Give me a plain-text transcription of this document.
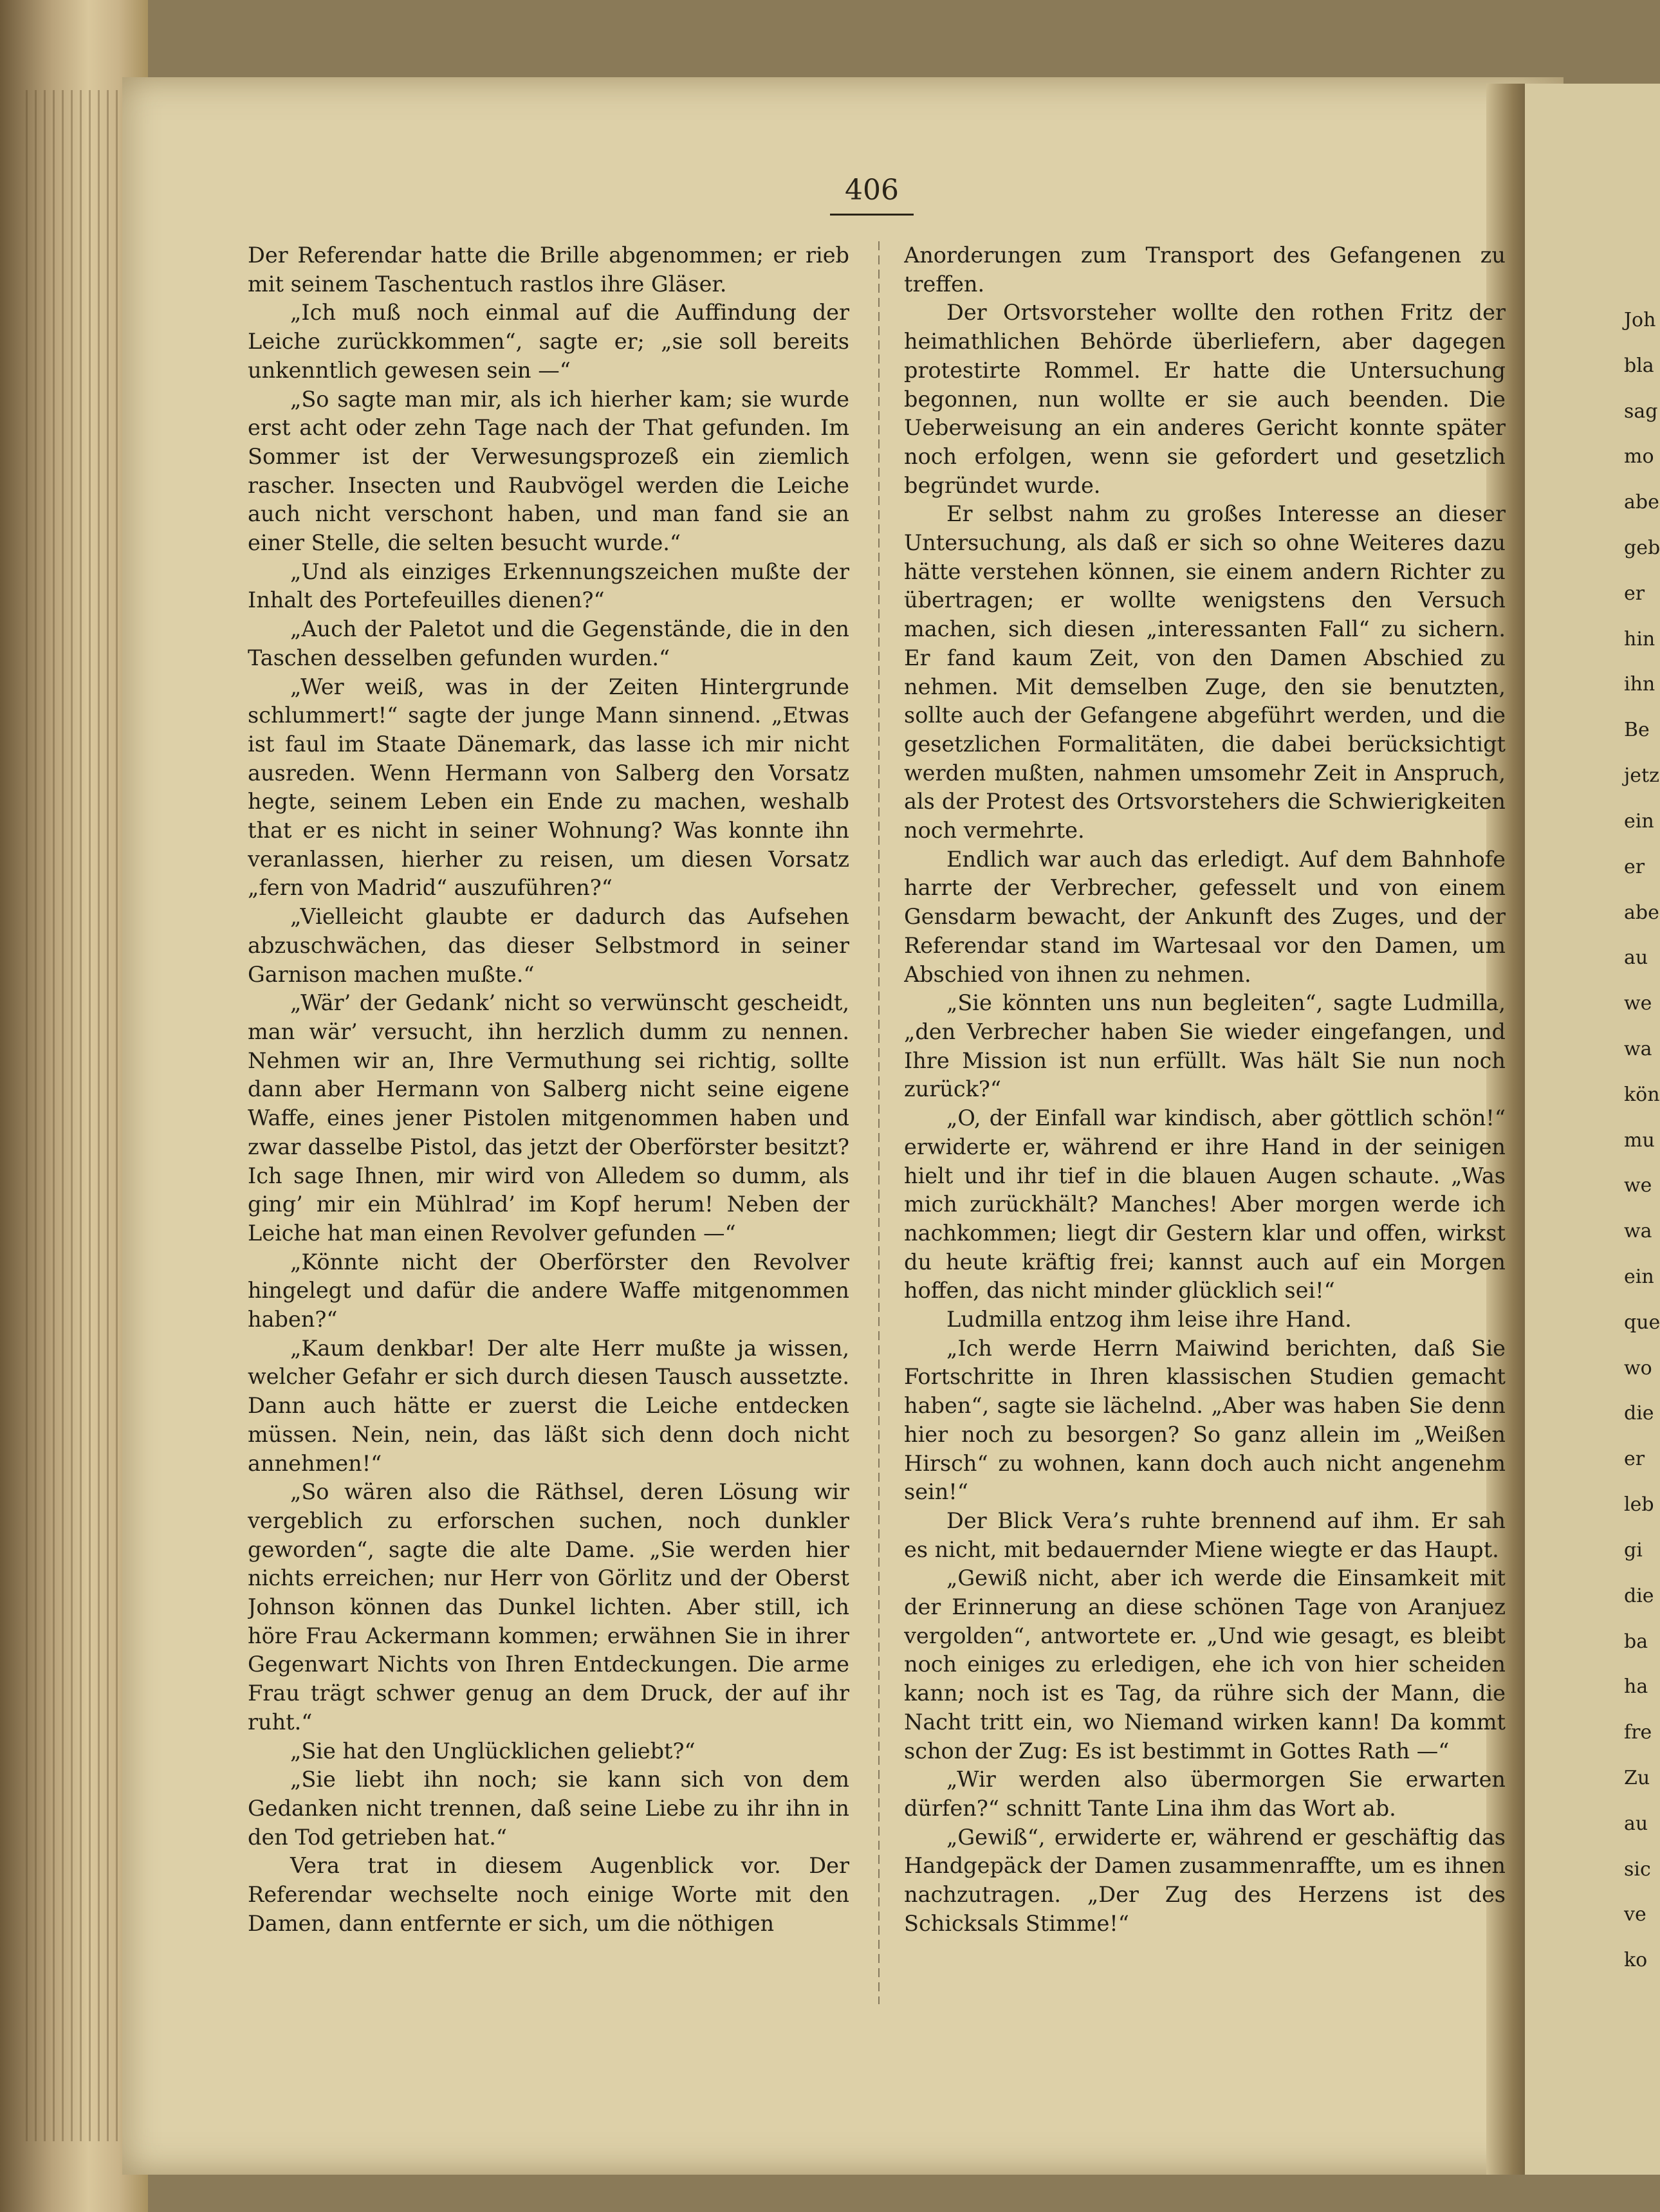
406

Der Referendar hatte die Brille abgenommen; er rieb mit seinem Taschentuch rastlos ihre Gläser.

„Ich muß noch einmal auf die Auffindung der Leiche zurückkommen“, sagte er; „sie soll bereits unkenntlich gewesen sein —“

„So sagte man mir, als ich hierher kam; sie wurde erst acht oder zehn Tage nach der That gefunden. Im Sommer ist der Verwesungsprozeß ein ziemlich rascher. Insecten und Raubvögel werden die Leiche auch nicht verschont haben, und man fand sie an einer Stelle, die selten besucht wurde.“

„Und als einziges Erkennungszeichen mußte der Inhalt des Portefeuilles dienen?“

„Auch der Paletot und die Gegenstände, die in den Taschen desselben gefunden wurden.“

„Wer weiß, was in der Zeiten Hintergrunde schlummert!“ sagte der junge Mann sinnend. „Etwas ist faul im Staate Dänemark, das lasse ich mir nicht ausreden. Wenn Hermann von Salberg den Vorsatz hegte, seinem Leben ein Ende zu machen, weshalb that er es nicht in seiner Wohnung? Was konnte ihn veranlassen, hierher zu reisen, um diesen Vorsatz „fern von Madrid“ auszuführen?“

„Vielleicht glaubte er dadurch das Aufsehen abzuschwächen, das dieser Selbstmord in seiner Garnison machen mußte.“

„Wär’ der Gedank’ nicht so verwünscht gescheidt, man wär’ versucht, ihn herzlich dumm zu nennen. Nehmen wir an, Ihre Vermuthung sei richtig, sollte dann aber Hermann von Salberg nicht seine eigene Waffe, eines jener Pistolen mitgenommen haben und zwar dasselbe Pistol, das jetzt der Oberförster besitzt? Ich sage Ihnen, mir wird von Alledem so dumm, als ging’ mir ein Mühlrad’ im Kopf herum! Neben der Leiche hat man einen Revolver gefunden —“

„Könnte nicht der Oberförster den Revolver hingelegt und dafür die andere Waffe mitgenommen haben?“

„Kaum denkbar! Der alte Herr mußte ja wissen, welcher Gefahr er sich durch diesen Tausch aussetzte. Dann auch hätte er zuerst die Leiche entdecken müssen. Nein, nein, das läßt sich denn doch nicht annehmen!“

„So wären also die Räthsel, deren Lösung wir vergeblich zu erforschen suchen, noch dunkler geworden“, sagte die alte Dame. „Sie werden hier nichts erreichen; nur Herr von Görlitz und der Oberst Johnson können das Dunkel lichten. Aber still, ich höre Frau Ackermann kommen; erwähnen Sie in ihrer Gegenwart Nichts von Ihren Entdeckungen. Die arme Frau trägt schwer genug an dem Druck, der auf ihr ruht.“

„Sie hat den Unglücklichen geliebt?“

„Sie liebt ihn noch; sie kann sich von dem Gedanken nicht trennen, daß seine Liebe zu ihr ihn in den Tod getrieben hat.“

Vera trat in diesem Augenblick vor. Der Referendar wechselte noch einige Worte mit den Damen, dann entfernte er sich, um die nöthigen

Anorderungen zum Transport des Gefangenen zu treffen.

Der Ortsvorsteher wollte den rothen Fritz der heimathlichen Behörde überliefern, aber dagegen protestirte Rommel. Er hatte die Untersuchung begonnen, nun wollte er sie auch beenden. Die Ueberweisung an ein anderes Gericht konnte später noch erfolgen, wenn sie gefordert und gesetzlich begründet wurde.

Er selbst nahm zu großes Interesse an dieser Untersuchung, als daß er sich so ohne Weiteres dazu hätte verstehen können, sie einem andern Richter zu übertragen; er wollte wenigstens den Versuch machen, sich diesen „interessanten Fall“ zu sichern. Er fand kaum Zeit, von den Damen Abschied zu nehmen. Mit demselben Zuge, den sie benutzten, sollte auch der Gefangene abgeführt werden, und die gesetzlichen Formalitäten, die dabei berücksichtigt werden mußten, nahmen umsomehr Zeit in Anspruch, als der Protest des Ortsvorstehers die Schwierigkeiten noch vermehrte.

Endlich war auch das erledigt. Auf dem Bahnhofe harrte der Verbrecher, gefesselt und von einem Gensdarm bewacht, der Ankunft des Zuges, und der Referendar stand im Wartesaal vor den Damen, um Abschied von ihnen zu nehmen.

„Sie könnten uns nun begleiten“, sagte Ludmilla, „den Verbrecher haben Sie wieder eingefangen, und Ihre Mission ist nun erfüllt. Was hält Sie nun noch zurück?“

„O, der Einfall war kindisch, aber göttlich schön!“ erwiderte er, während er ihre Hand in der seinigen hielt und ihr tief in die blauen Augen schaute. „Was mich zurückhält? Manches! Aber morgen werde ich nachkommen; liegt dir Gestern klar und offen, wirkst du heute kräftig frei; kannst auch auf ein Morgen hoffen, das nicht minder glücklich sei!“

Ludmilla entzog ihm leise ihre Hand.

„Ich werde Herrn Maiwind berichten, daß Sie Fortschritte in Ihren klassischen Studien gemacht haben“, sagte sie lächelnd. „Aber was haben Sie denn hier noch zu besorgen? So ganz allein im „Weißen Hirsch“ zu wohnen, kann doch auch nicht angenehm sein!“

Der Blick Vera’s ruhte brennend auf ihm. Er sah es nicht, mit bedauernder Miene wiegte er das Haupt.

„Gewiß nicht, aber ich werde die Einsamkeit mit der Erinnerung an diese schönen Tage von Aranjuez vergolden“, antwortete er. „Und wie gesagt, es bleibt noch einiges zu erledigen, ehe ich von hier scheiden kann; noch ist es Tag, da rühre sich der Mann, die Nacht tritt ein, wo Niemand wirken kann! Da kommt schon der Zug: Es ist bestimmt in Gottes Rath —“

„Wir werden also übermorgen Sie erwarten dürfen?“ schnitt Tante Lina ihm das Wort ab.

„Gewiß“, erwiderte er, während er geschäftig das Handgepäck der Damen zusammenraffte, um es ihnen nachzutragen. „Der Zug des Herzens ist des Schicksals Stimme!“

Joh
bla
sag
mo
abe
geb
er
hin
ihn
Be
jetz
ein
er
abe
au
we
wa
kön
mu
we
wa
ein
que
wo
die
er
leb
gi
die
ba
ha
fre
Zu
au
sic
ve
ko
